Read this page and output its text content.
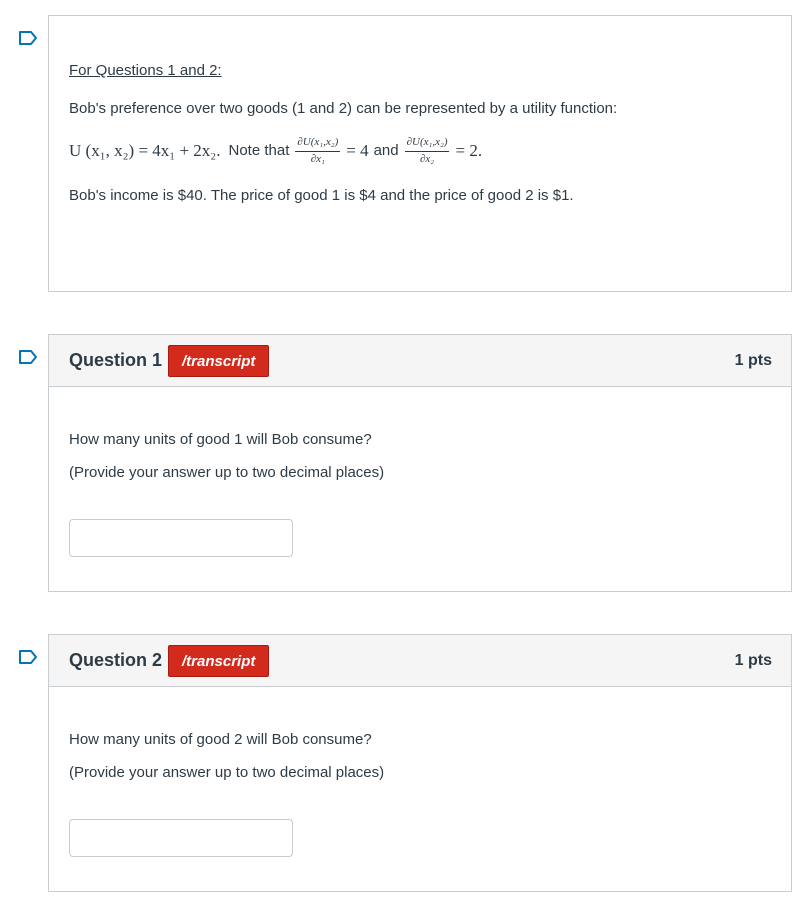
For Questions 1 and 2:

Bob's preference over two goods (1 and 2) can be represented by a utility function:

U (x₁, x₂) = 4x₁ + 2x₂. Note that $\frac{\text{∂U(x₁,x₂)}}{\text{∂x₁}} = 4$ and $\frac{\text{∂U(x₁,x₂)}}{\text{∂x₂}} = 2$.

Bob's income is $40. The price of good 1 is $4 and the price of good 2 is $1.

Question 1	/transcript	1 pts

How many units of good 1 will Bob consume?

(Provide your answer up to two decimal places)

Question 2	/transcript	1 pts

How many units of good 2 will Bob consume?

(Provide your answer up to two decimal places)
